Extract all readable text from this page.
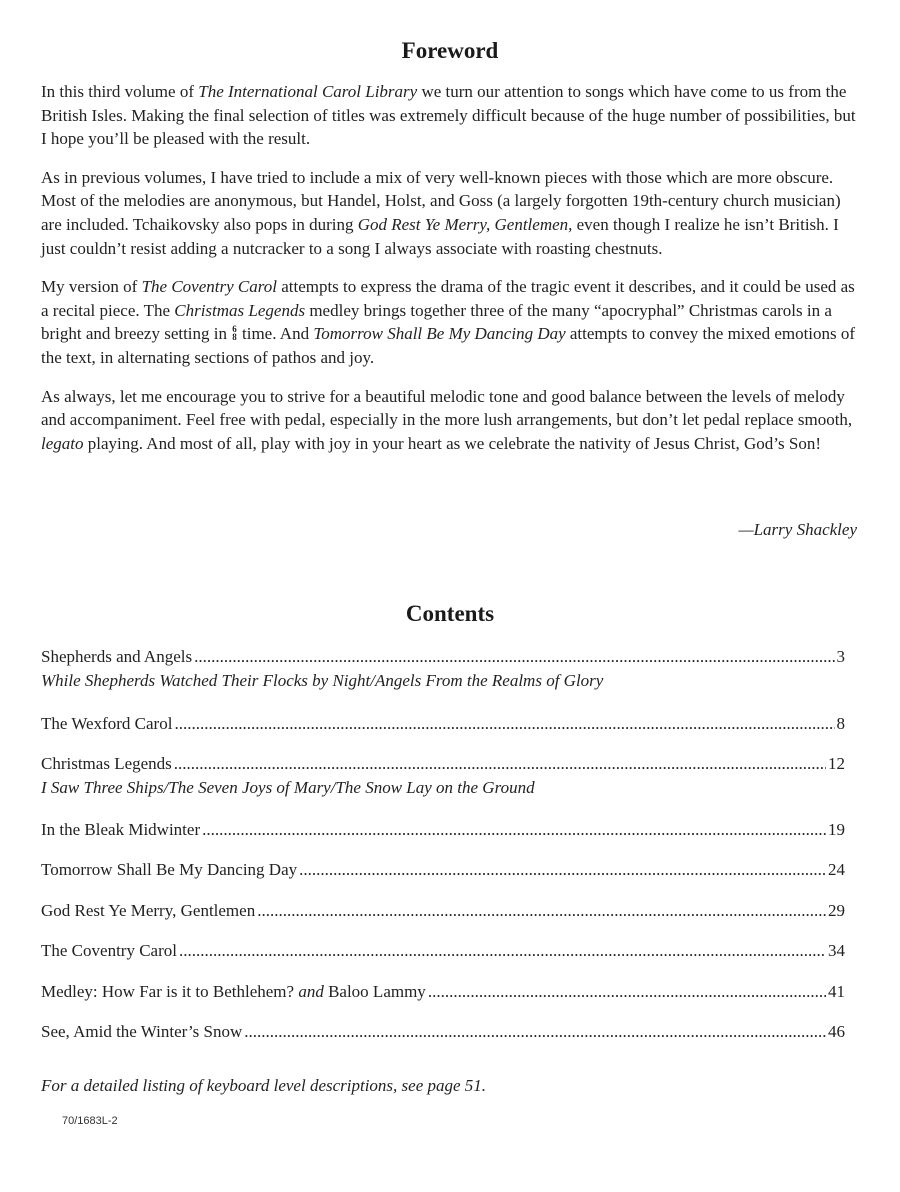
Foreword

In this third volume of The International Carol Library we turn our attention to songs which have come to us from the British Isles. Making the final selection of titles was extremely difficult because of the huge number of possibilities, but I hope you’ll be pleased with the result.

As in previous volumes, I have tried to include a mix of very well-known pieces with those which are more obscure. Most of the melodies are anonymous, but Handel, Holst, and Goss (a largely forgotten 19th-century church musician) are included. Tchaikovsky also pops in during God Rest Ye Merry, Gentlemen, even though I realize he isn’t British. I just couldn’t resist adding a nutcracker to a song I always associate with roasting chestnuts.

My version of The Coventry Carol attempts to express the drama of the tragic event it describes, and it could be used as a recital piece. The Christmas Legends medley brings together three of the many “apocryphal” Christmas carols in a bright and breezy setting in 6
8 time. And Tomorrow Shall Be My Dancing Day attempts to convey the mixed emotions of the text, in alternating sections of pathos and joy.

As always, let me encourage you to strive for a beautiful melodic tone and good balance between the levels of melody and accompaniment. Feel free with pedal, especially in the more lush arrangements, but don’t let pedal replace smooth, legato playing. And most of all, play with joy in your heart as we celebrate the nativity of Jesus Christ, God’s Son!

—Larry Shackley
Contents
Shepherds and Angels .....	3
While Shepherds Watched Their Flocks by Night/Angels From the Realms of Glory
The Wexford Carol .....	8
Christmas Legends .....	12
I Saw Three Ships/The Seven Joys of Mary/The Snow Lay on the Ground
In the Bleak Midwinter .....	19
Tomorrow Shall Be My Dancing Day .....	24
God Rest Ye Merry, Gentlemen .....	29
The Coventry Carol .....	34
Medley: How Far is it to Bethlehem? and Baloo Lammy .....	41
See, Amid the Winter’s Snow .....	46
For a detailed listing of keyboard level descriptions, see page 51.
70/1683L-2
